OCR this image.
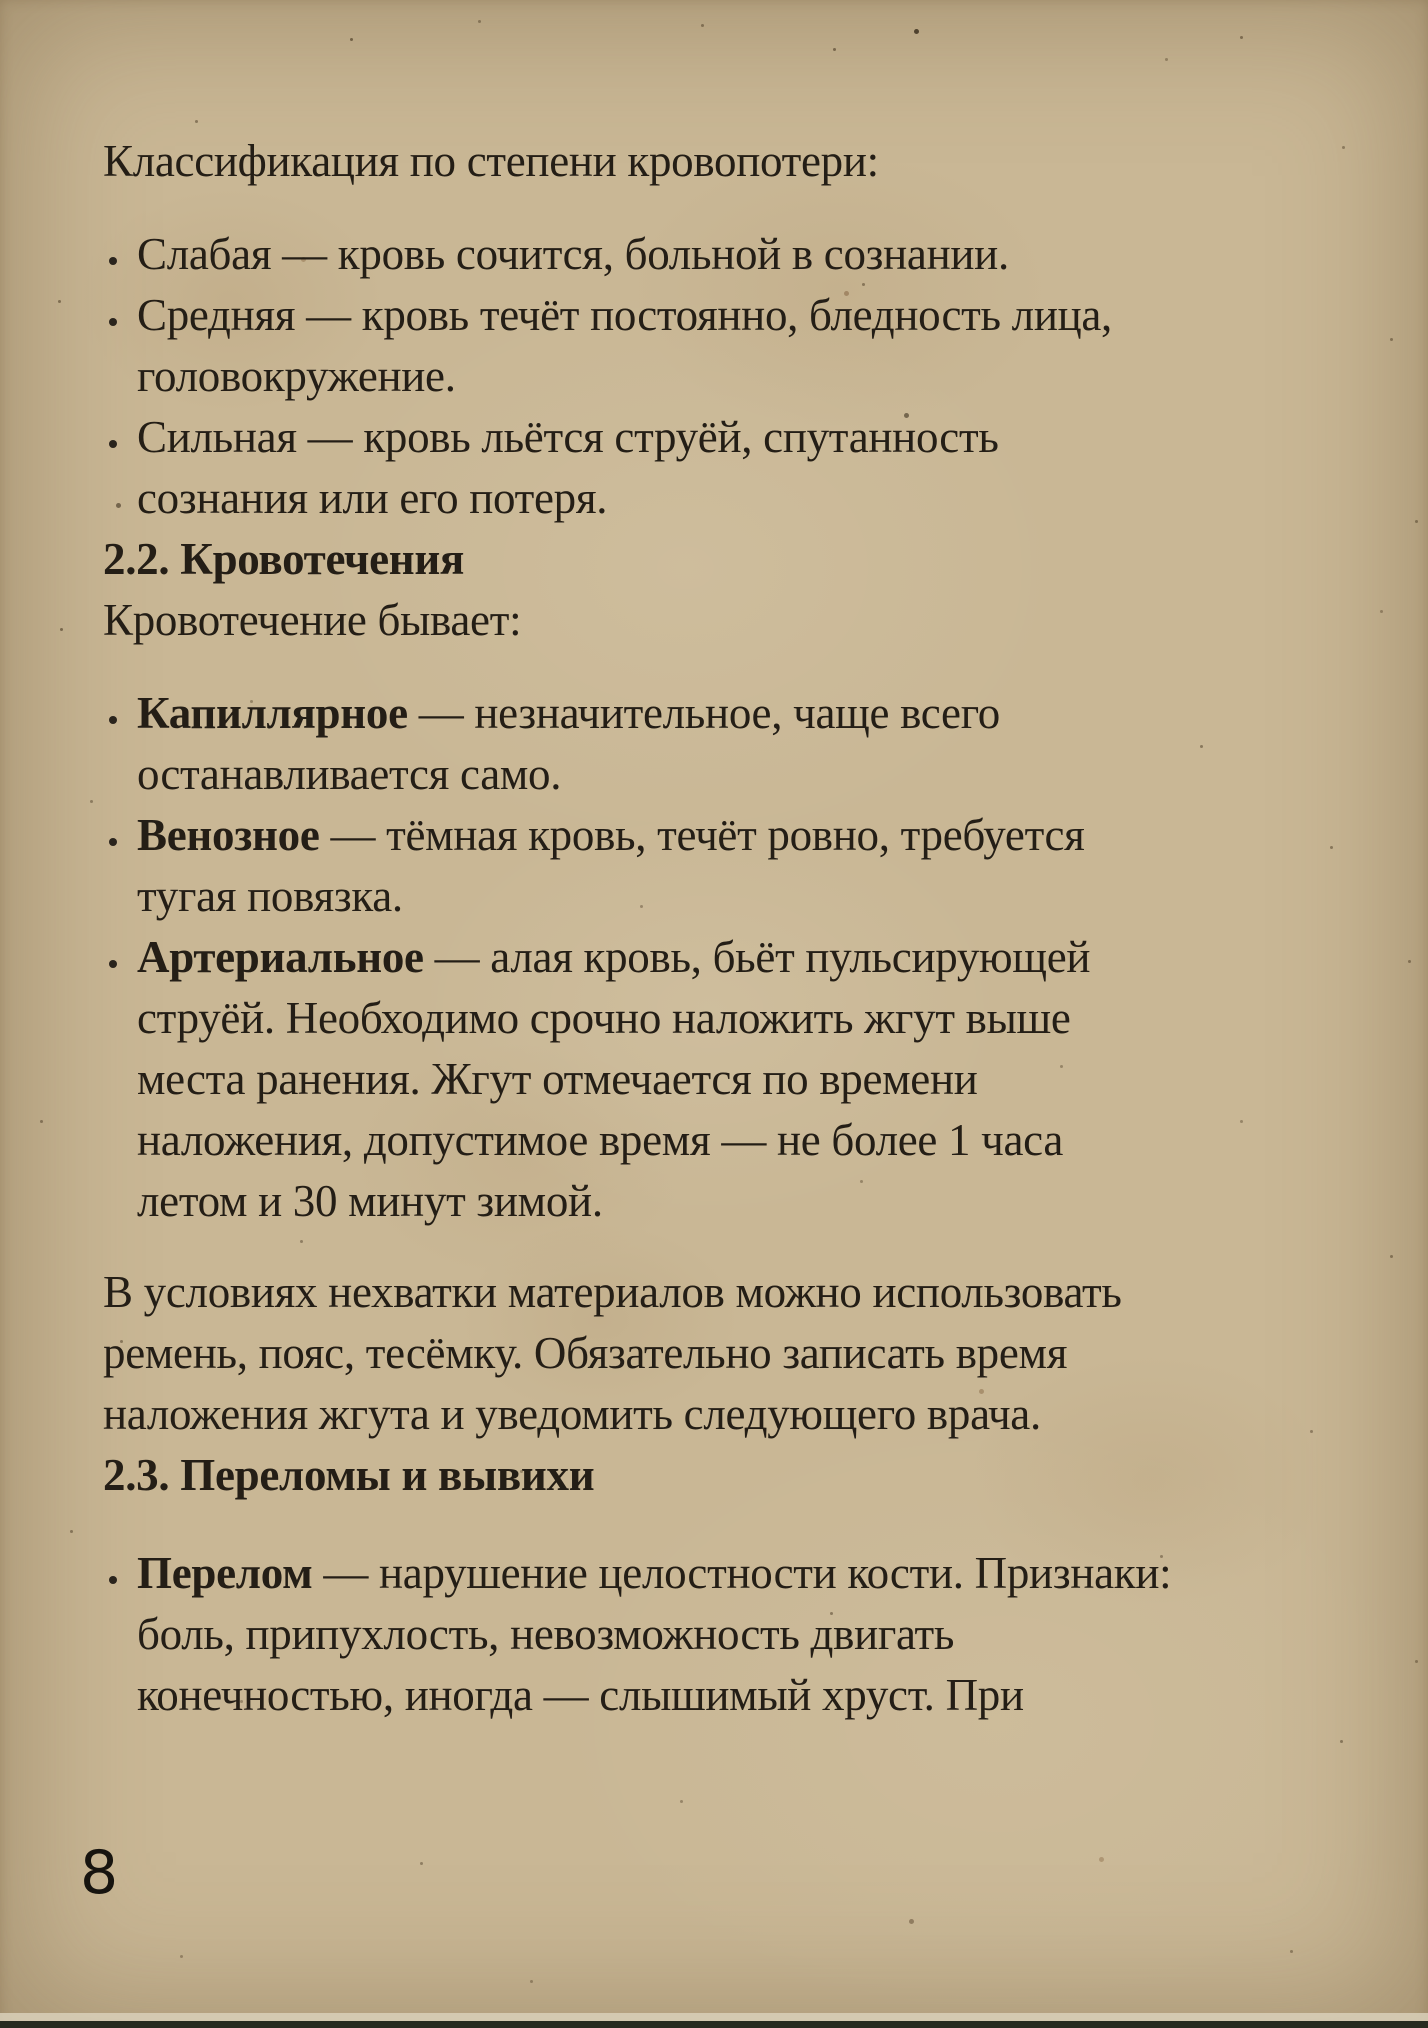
Классификация по степени кровопотери:

Слабая — кровь сочится, больной в сознании.
Средняя — кровь течёт постоянно, бледность лица,
головокружение.
Сильная — кровь льётся струёй, спутанность
сознания или его потеря.
2.2. Кровотечения

Кровотечение бывает:

Капиллярное — незначительное, чаще всего
останавливается само.
Венозное — тёмная кровь, течёт ровно, требуется
тугая повязка.
Артериальное — алая кровь, бьёт пульсирующей
струёй. Необходимо срочно наложить жгут выше
места ранения. Жгут отмечается по времени
наложения, допустимое время — не более 1 часа
летом и 30 минут зимой.
В условиях нехватки материалов можно использовать
ремень, пояс, тесёмку. Обязательно записать время
наложения жгута и уведомить следующего врача.
2.3. Переломы и вывихи
Перелом — нарушение целостности кости. Признаки:
боль, припухлость, невозможность двигать
конечностью, иногда — слышимый хруст. При
8
